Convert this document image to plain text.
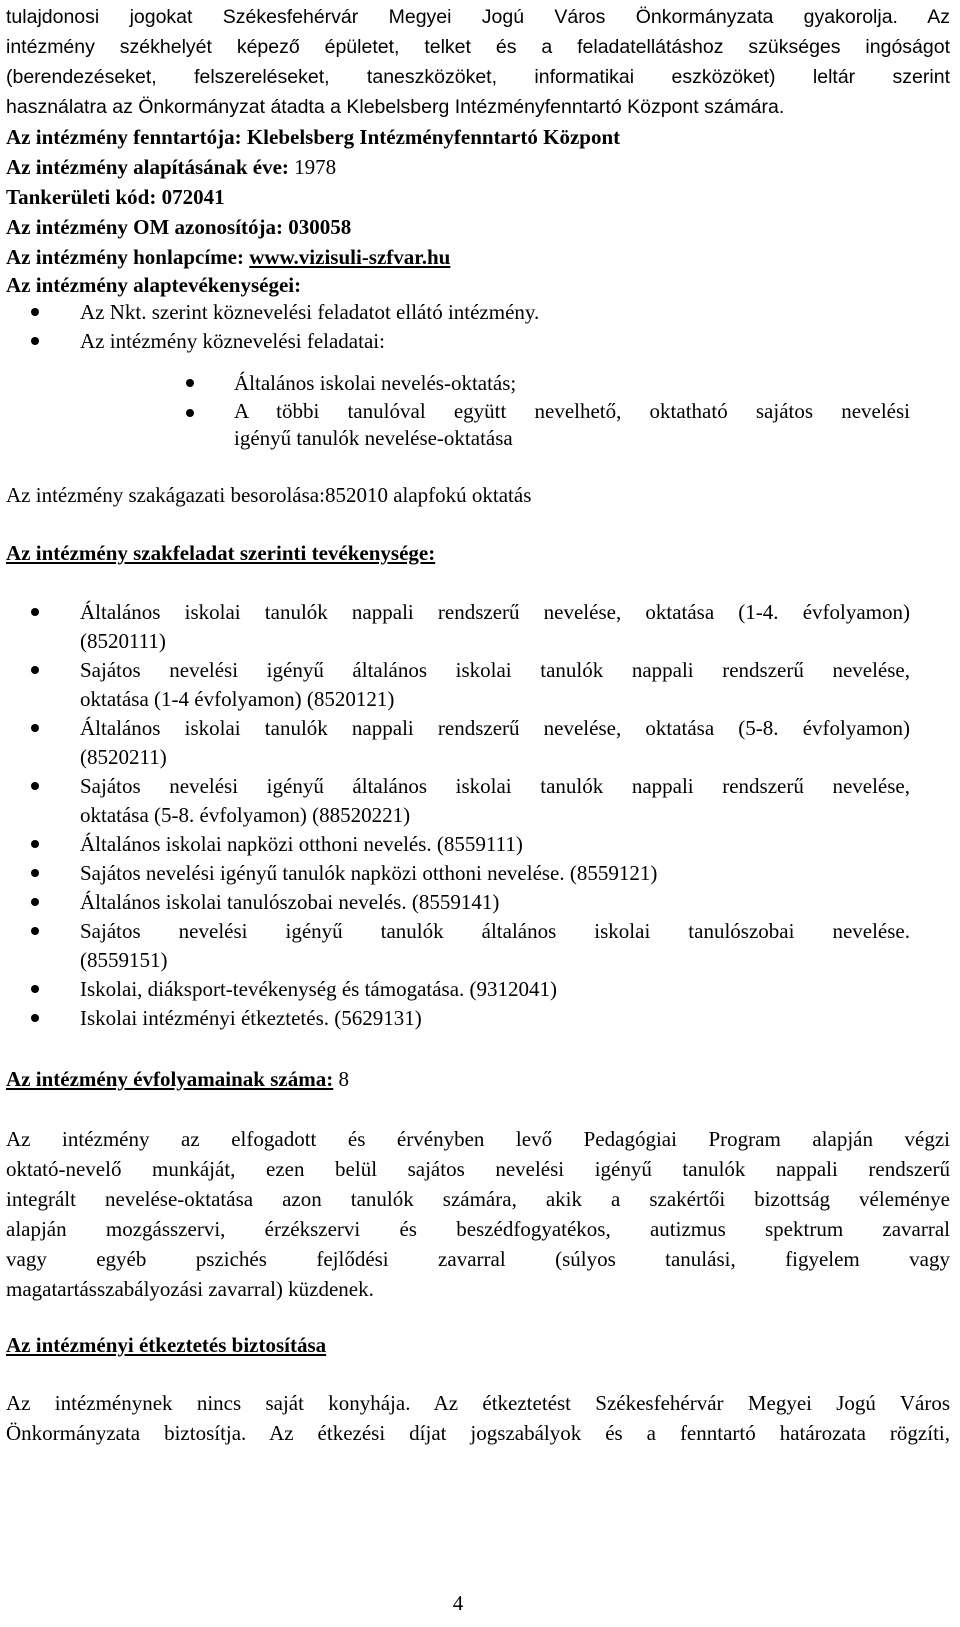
tulajdonosi jogokat Székesfehérvár Megyei Jogú Város Önkormányzata gyakorolja. Az
intézmény székhelyét képező épületet, telket és a feladatellátáshoz szükséges ingóságot
(berendezéseket, felszereléseket, taneszközöket, informatikai eszközöket) leltár szerint
használatra az Önkormányzat átadta a Klebelsberg Intézményfenntartó Központ számára.
Az intézmény fenntartója: Klebelsberg Intézményfenntartó Központ
Az intézmény alapításának éve: 1978
Tankerületi kód: 072041
Az intézmény OM azonosítója: 030058
Az intézmény honlapcíme: www.vizisuli-szfvar.hu
Az intézmény alaptevékenységei:
Az Nkt. szerint köznevelési feladatot ellátó intézmény.
Az intézmény köznevelési feladatai:
Általános iskolai nevelés-oktatás;
A többi tanulóval együtt nevelhető, oktatható sajátos nevelési
igényű tanulók nevelése-oktatása
Az intézmény szakágazati besorolása:852010 alapfokú oktatás
Az intézmény szakfeladat szerinti tevékenysége:
Általános iskolai tanulók nappali rendszerű nevelése, oktatása (1-4. évfolyamon)
(8520111)
Sajátos nevelési igényű általános iskolai tanulók nappali rendszerű nevelése,
oktatása (1-4 évfolyamon) (8520121)
Általános iskolai tanulók nappali rendszerű nevelése, oktatása (5-8. évfolyamon)
(8520211)
Sajátos nevelési igényű általános iskolai tanulók nappali rendszerű nevelése,
oktatása (5-8. évfolyamon) (88520221)
Általános iskolai napközi otthoni nevelés. (8559111)
Sajátos nevelési igényű tanulók napközi otthoni nevelése. (8559121)
Általános iskolai tanulószobai nevelés. (8559141)
Sajátos nevelési igényű tanulók általános iskolai tanulószobai nevelése.
(8559151)
Iskolai, diáksport-tevékenység és támogatása. (9312041)
Iskolai intézményi étkeztetés. (5629131)
Az intézmény évfolyamainak száma: 8
Az intézmény az elfogadott és érvényben levő Pedagógiai Program alapján végzi
oktató-nevelő munkáját, ezen belül sajátos nevelési igényű tanulók nappali rendszerű
integrált nevelése-oktatása azon tanulók számára, akik a szakértői bizottság véleménye
alapján mozgásszervi, érzékszervi és beszédfogyatékos, autizmus spektrum zavarral
vagy egyéb pszichés fejlődési zavarral (súlyos tanulási, figyelem vagy
magatartásszabályozási zavarral) küzdenek.
Az intézményi étkeztetés biztosítása
Az intézménynek nincs saját konyhája. Az étkeztetést Székesfehérvár Megyei Jogú Város
Önkormányzata biztosítja. Az étkezési díjat jogszabályok és a fenntartó határozata rögzíti,
4
